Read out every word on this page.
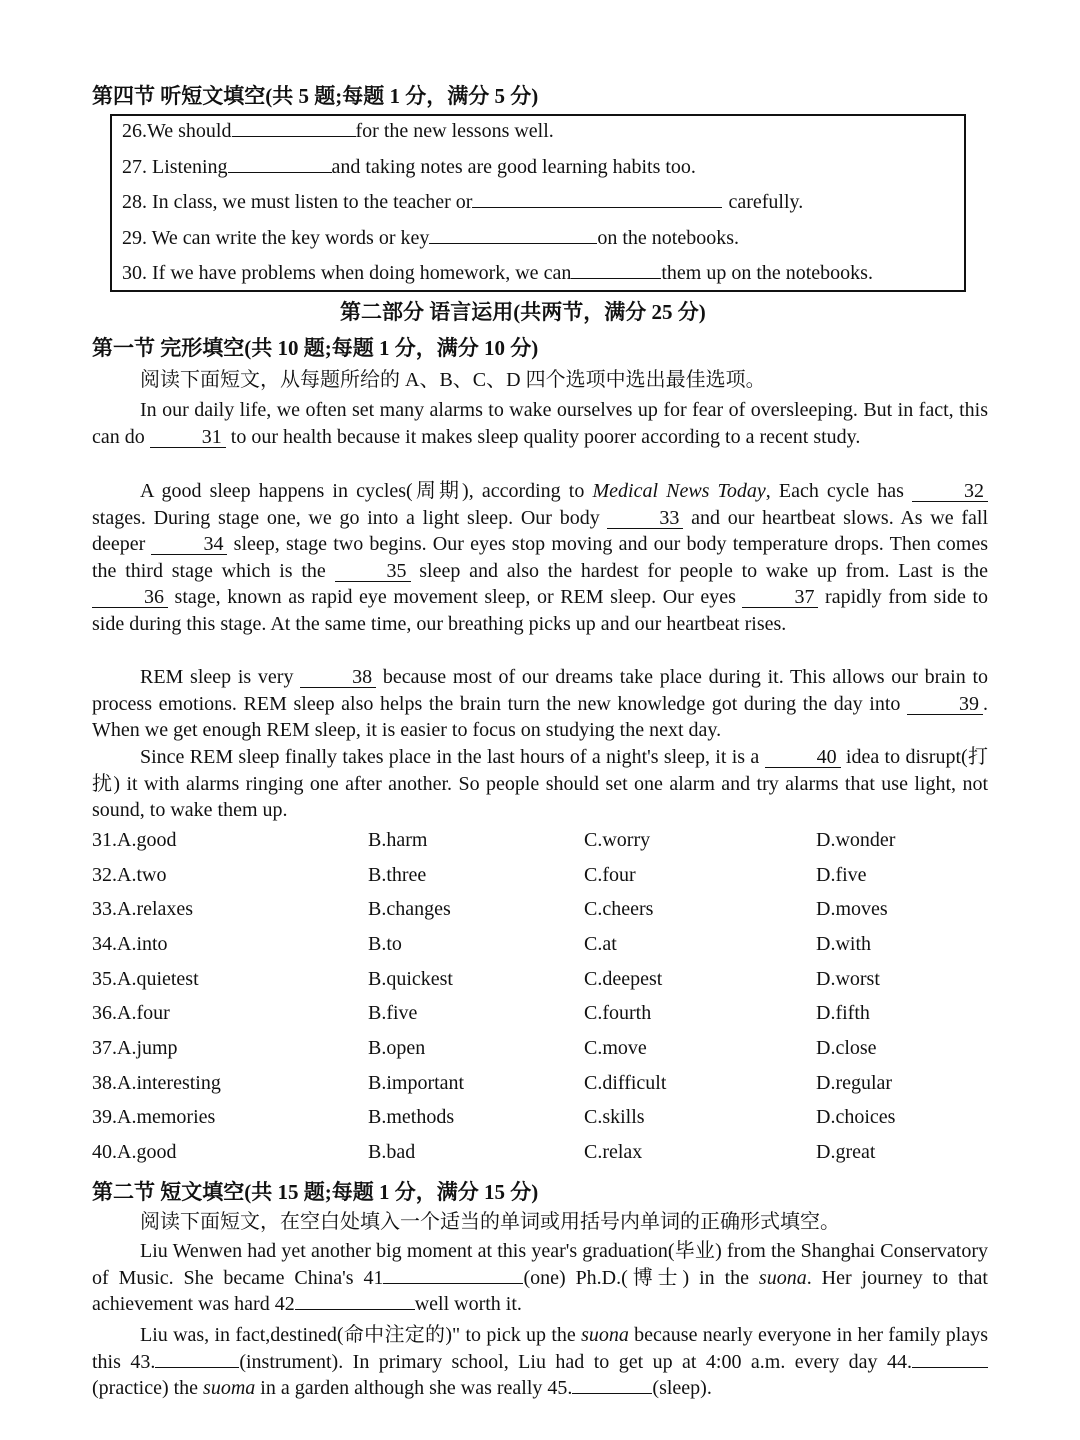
第四节 听短文填空(共 5 题;每题 1 分，满分 5 分)
26.We should	for the new lessons well.
27. Listening	and taking notes are good learning habits too.
28. In class, we must listen to the teacher or	carefully.
29. We can write the key words or key	on the notebooks.
30. If we have problems when doing homework, we can	them up on the notebooks.
第二部分 语言运用(共两节，满分 25 分)
第一节 完形填空(共 10 题;每题 1 分，满分 10 分)
阅读下面短文，从每题所给的 A、B、C、D 四个选项中选出最佳选项。

In our daily life, we often set many alarms to wake ourselves up for fear of oversleeping. But in fact, this can do	31 to our health because it makes sleep quality poorer according to a recent study.

A good sleep happens in cycles(周期), according to Medical News Today, Each cycle has	32 stages. During stage one, we go into a light sleep. Our body	33 and our heartbeat slows. As we fall deeper	34 sleep, stage two begins. Our eyes stop moving and our body temperature drops. Then comes the third stage which is the	35 sleep and also the hardest for people to wake up from. Last is the 36 stage, known as rapid eye movement sleep, or REM sleep. Our eyes	37 rapidly from side to side during this stage. At the same time, our breathing picks up and our heartbeat rises.

REM sleep is very	38 because most of our dreams take place during it. This allows our brain to process emotions. REM sleep also helps the brain turn the new knowledge got during the day into	39 . When we get enough REM sleep, it is easier to focus on studying the next day.

Since REM sleep finally takes place in the last hours of a night's sleep, it is a	40 idea to disrupt(打扰) it with alarms ringing one after another. So people should set one alarm and try alarms that use light, not sound, to wake them up.

31.A.good	B.harm	C.worry	D.wonder
32.A.two	B.three	C.four	D.five
33.A.relaxes	B.changes	C.cheers	D.moves
34.A.into	B.to	C.at	D.with
35.A.quietest	B.quickest	C.deepest	D.worst
36.A.four	B.five	C.fourth	D.fifth
37.A.jump	B.open	C.move	D.close
38.A.interesting	B.important	C.difficult	D.regular
39.A.memories	B.methods	C.skills	D.choices
40.A.good	B.bad	C.relax	D.great
第二节 短文填空(共 15 题;每题 1 分，满分 15 分)
阅读下面短文，在空白处填入一个适当的单词或用括号内单词的正确形式填空。

Liu Wenwen had yet another big moment at this year's graduation(毕业) from the Shanghai Conservatory of Music. She became China's 41	(one) Ph.D.(博士) in the suona. Her journey to that achievement was hard 42	well worth it.

Liu was, in fact,destined(命中注定的)" to pick up the suona because nearly everyone in her family plays this 43.	(instrument). In primary school, Liu had to get up at 4:00 a.m. every day 44.(practice) the suoma in a garden although she was really 45.	(sleep).
